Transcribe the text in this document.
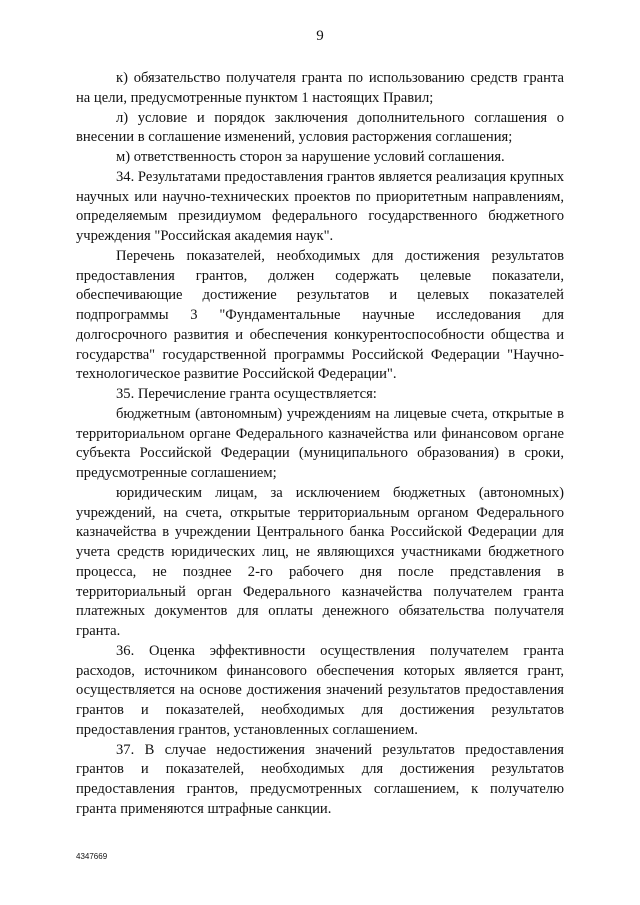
9

к) обязательство получателя гранта по использованию средств гранта на цели, предусмотренные пунктом 1 настоящих Правил;

л) условие и порядок заключения дополнительного соглашения о внесении в соглашение изменений, условия расторжения соглашения;

м) ответственность сторон за нарушение условий соглашения.

34. Результатами предоставления грантов является реализация крупных научных или научно-технических проектов по приоритетным направлениям, определяемым президиумом федерального государственного бюджетного учреждения "Российская академия наук".

Перечень показателей, необходимых для достижения результатов предоставления грантов, должен содержать целевые показатели, обеспечивающие достижение результатов и целевых показателей подпрограммы 3 "Фундаментальные научные исследования для долгосрочного развития и обеспечения конкурентоспособности общества и государства" государственной программы Российской Федерации "Научно-технологическое развитие Российской Федерации".

35. Перечисление гранта осуществляется:

бюджетным (автономным) учреждениям на лицевые счета, открытые в территориальном органе Федерального казначейства или финансовом органе субъекта Российской Федерации (муниципального образования) в сроки, предусмотренные соглашением;

юридическим лицам, за исключением бюджетных (автономных) учреждений, на счета, открытые территориальным органом Федерального казначейства в учреждении Центрального банка Российской Федерации для учета средств юридических лиц, не являющихся участниками бюджетного процесса, не позднее 2-го рабочего дня после представления в территориальный орган Федерального казначейства получателем гранта платежных документов для оплаты денежного обязательства получателя гранта.

36. Оценка эффективности осуществления получателем гранта расходов, источником финансового обеспечения которых является грант, осуществляется на основе достижения значений результатов предоставления грантов и показателей, необходимых для достижения результатов предоставления грантов, установленных соглашением.

37. В случае недостижения значений результатов предоставления грантов и показателей, необходимых для достижения результатов предоставления грантов, предусмотренных соглашением, к получателю гранта применяются штрафные санкции.

4347669
